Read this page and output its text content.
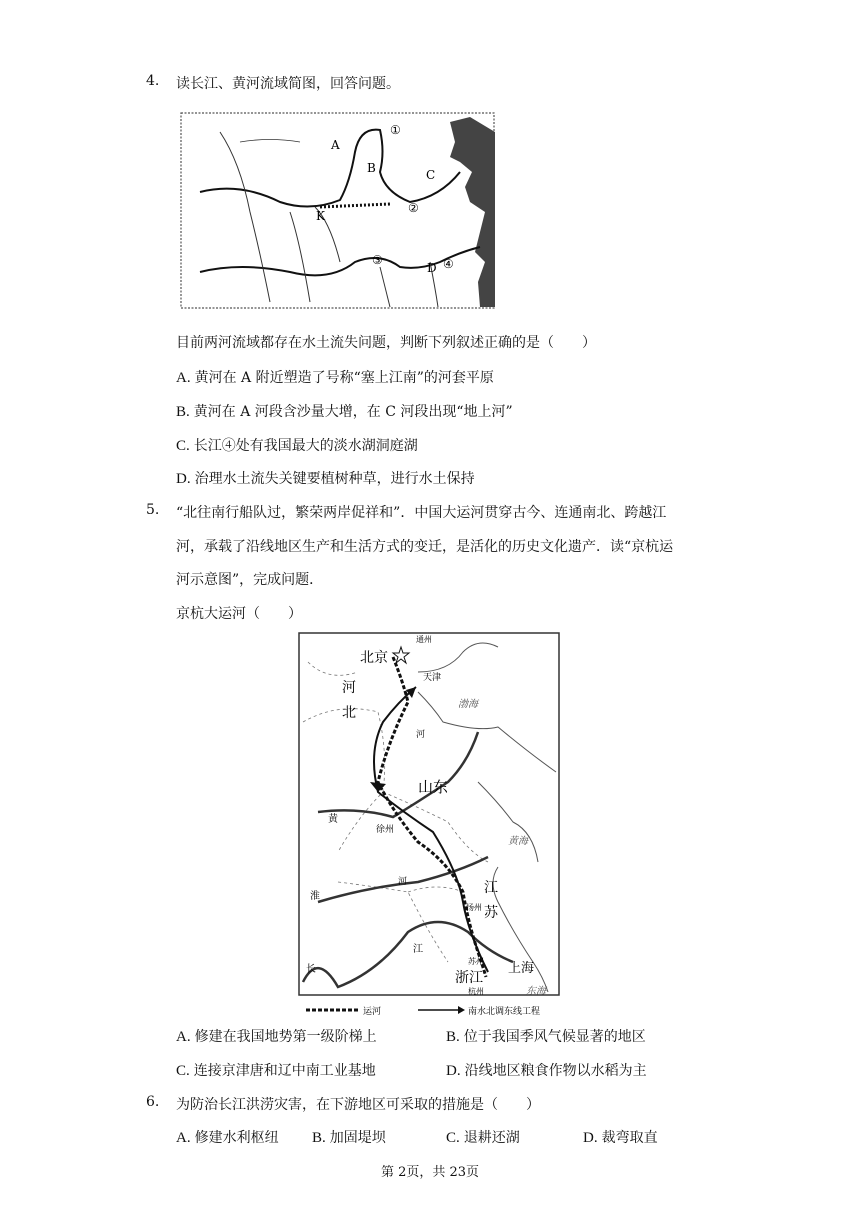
4. 读长江、黄河流域简图，回答问题。
A
B	C
K
D
①
②
③	④
目前两河流域都存在水土流失问题，判断下列叙述正确的是（　　）
A. 黄河在 A 附近塑造了号称“塞上江南”的河套平原
B. 黄河在 A 河段含沙量大增，在 C 河段出现“地上河”
C. 长江④处有我国最大的淡水湖洞庭湖
D. 治理水土流失关键要植树种草，进行水土保持
5. “北往南行船队过，繁荣两岸促祥和”．中国大运河贯穿古今、连通南北、跨越江
河，承载了沿线地区生产和生活方式的变迁，是活化的历史文化遗产．读“京杭运
河示意图”，完成问题．
京杭大运河（　　）
通州
北京
天津
河
北
渤海
山东
黄海
黄
河
徐州
江
苏
淮
河
扬州
江
长
苏州 上海
浙江
杭州	东海
运河	南水北调东线工程
A. 修建在我国地势第一级阶梯上	B. 位于我国季风气候显著的地区
C. 连接京津唐和辽中南工业基地	D. 沿线地区粮食作物以水稻为主
6. 为防治长江洪涝灾害，在下游地区可采取的措施是（　　）
A. 修建水利枢纽 B. 加固堤坝	C. 退耕还湖	D. 裁弯取直
第 2页，共 23页
